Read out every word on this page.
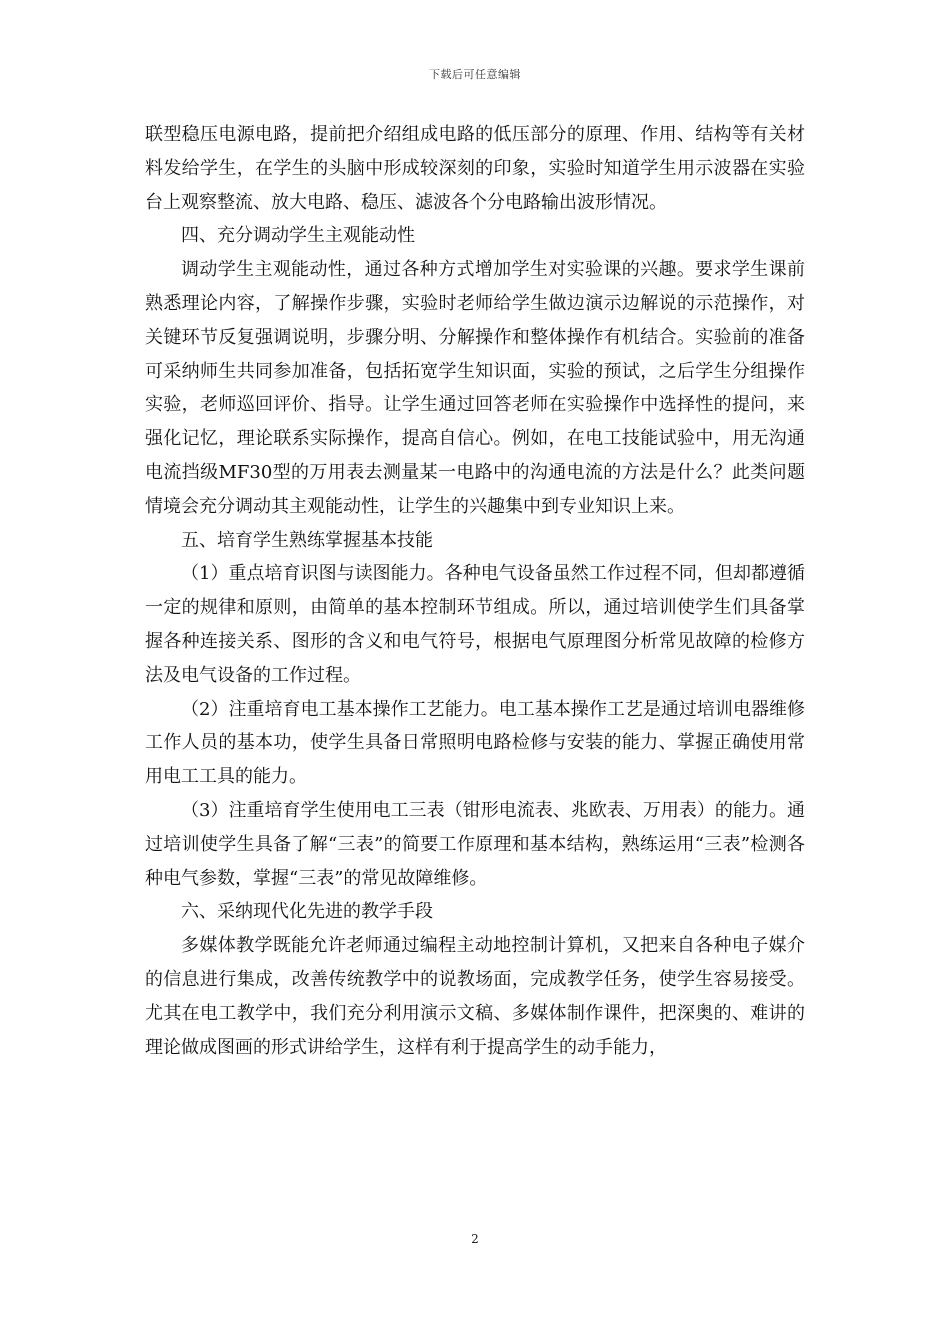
下载后可任意编辑

联型稳压电源电路，提前把介绍组成电路的低压部分的原理、作用、结构等有关材料发给学生，在学生的头脑中形成较深刻的印象，实验时知道学生用示波器在实验台上观察整流、放大电路、稳压、滤波各个分电路输出波形情况。

四、充分调动学生主观能动性

调动学生主观能动性，通过各种方式增加学生对实验课的兴趣。要求学生课前熟悉理论内容，了解操作步骤，实验时老师给学生做边演示边解说的示范操作，对关键环节反复强调说明，步骤分明、分解操作和整体操作有机结合。实验前的准备可采纳师生共同参加准备，包括拓宽学生知识面，实验的预试，之后学生分组操作实验，老师巡回评价、指导。让学生通过回答老师在实验操作中选择性的提问，来强化记忆，理论联系实际操作，提高自信心。例如，在电工技能试验中，用无沟通电流挡级MF30型的万用表去测量某一电路中的沟通电流的方法是什么？此类问题情境会充分调动其主观能动性，让学生的兴趣集中到专业知识上来。

五、培育学生熟练掌握基本技能

（1）重点培育识图与读图能力。各种电气设备虽然工作过程不同，但却都遵循一定的规律和原则，由简单的基本控制环节组成。所以，通过培训使学生们具备掌握各种连接关系、图形的含义和电气符号，根据电气原理图分析常见故障的检修方法及电气设备的工作过程。

（2）注重培育电工基本操作工艺能力。电工基本操作工艺是通过培训电器维修工作人员的基本功，使学生具备日常照明电路检修与安装的能力、掌握正确使用常用电工工具的能力。

（3）注重培育学生使用电工三表（钳形电流表、兆欧表、万用表）的能力。通过培训使学生具备了解“三表”的简要工作原理和基本结构，熟练运用“三表”检测各种电气参数，掌握“三表”的常见故障维修。

六、采纳现代化先进的教学手段

多媒体教学既能允许老师通过编程主动地控制计算机，又把来自各种电子媒介的信息进行集成，改善传统教学中的说教场面，完成教学任务，使学生容易接受。尤其在电工教学中，我们充分利用演示文稿、多媒体制作课件，把深奥的、难讲的理论做成图画的形式讲给学生，这样有利于提高学生的动手能力，

2
